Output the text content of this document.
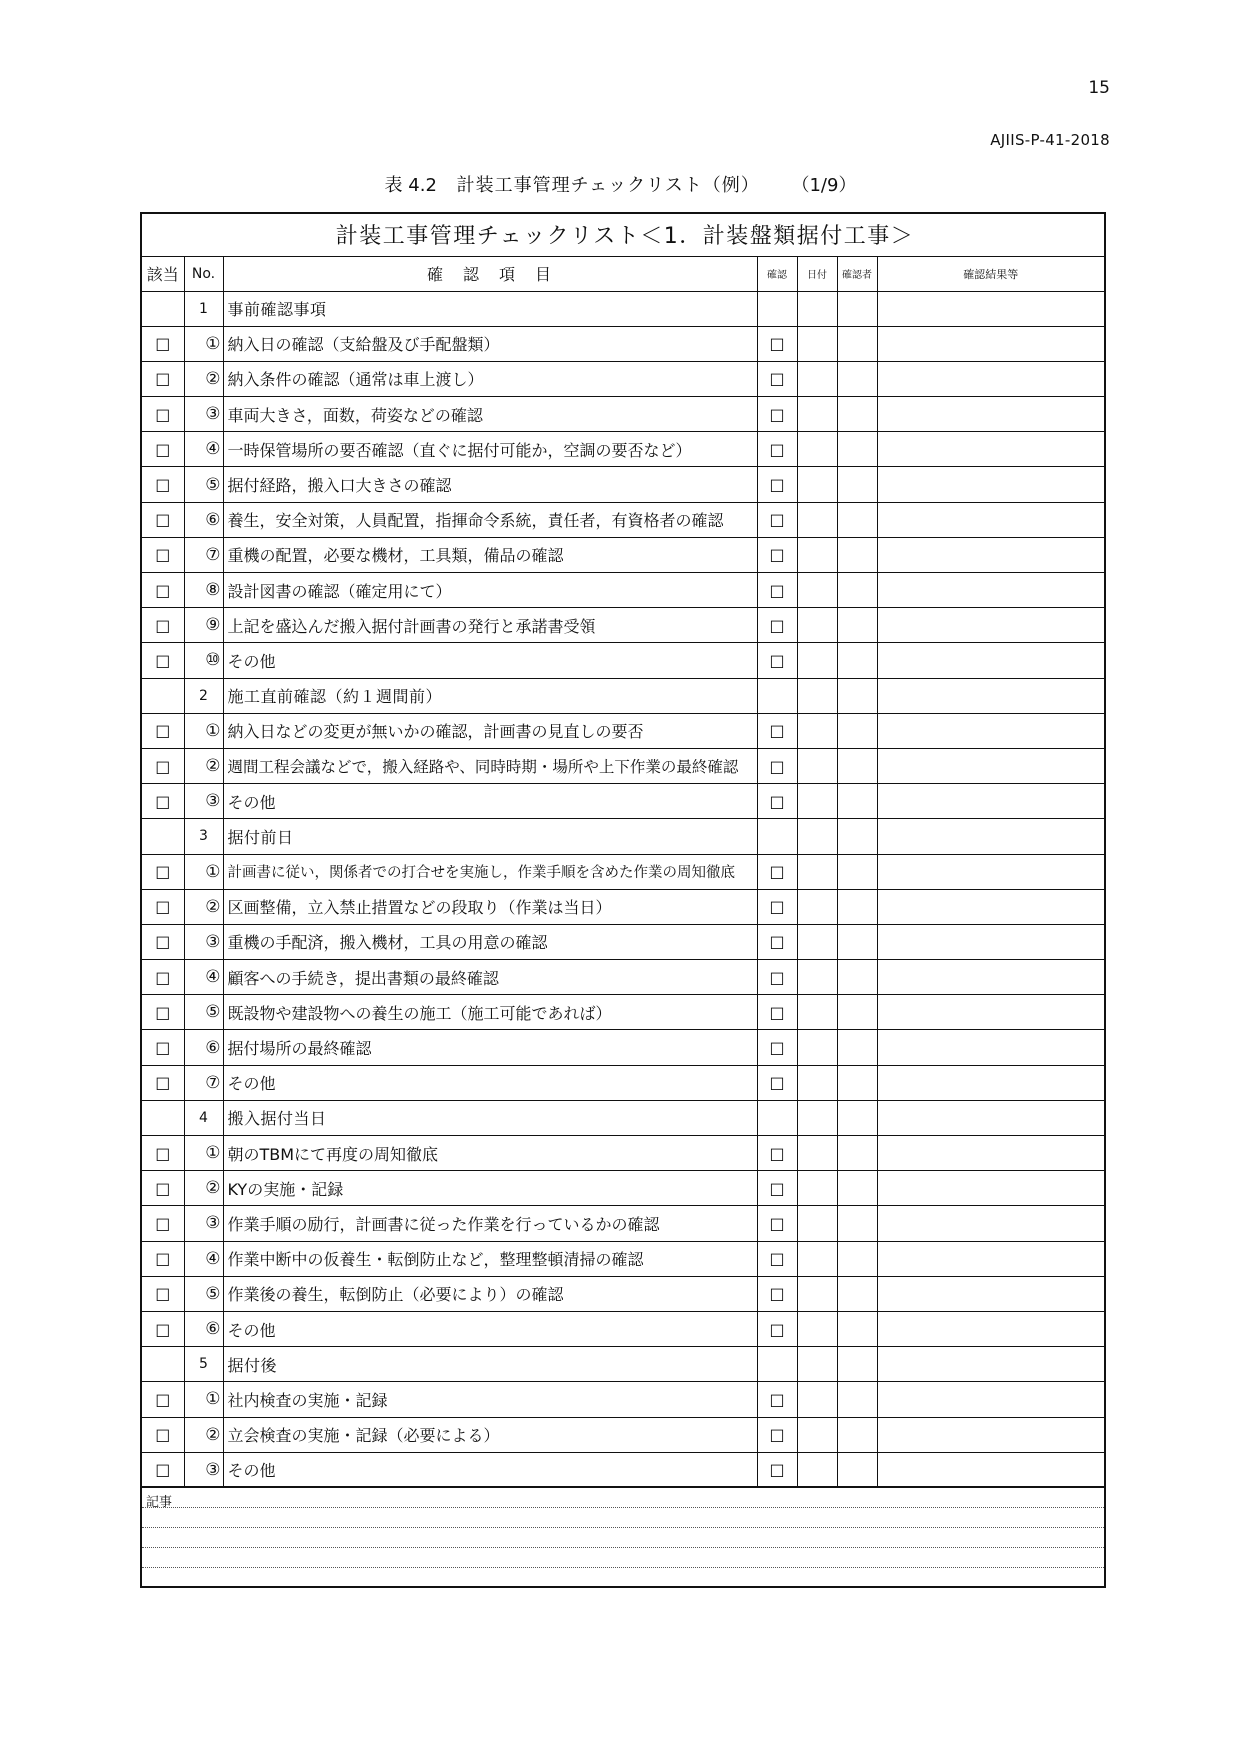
15
AJIIS-P-41-2018
表 4.2 計装工事管理チェックリスト（例） （1/9）
計装工事管理チェックリスト＜1．計装盤類据付工事＞						
該当	No.	確　認　項　目	確認	日付	確認者	確認結果等
	1	事前確認事項				
□	①	納入日の確認（支給盤及び手配盤類）	□			
□	②	納入条件の確認（通常は車上渡し）	□			
□	③	車両大きさ，面数，荷姿などの確認	□			
□	④	一時保管場所の要否確認（直ぐに据付可能か，空調の要否など）	□			
□	⑤	据付経路，搬入口大きさの確認	□			
□	⑥	養生，安全対策，人員配置，指揮命令系統，責任者，有資格者の確認	□			
□	⑦	重機の配置，必要な機材，工具類，備品の確認	□			
□	⑧	設計図書の確認（確定用にて）	□			
□	⑨	上記を盛込んだ搬入据付計画書の発行と承諾書受領	□			
□	⑩	その他	□			
	2	施工直前確認（約１週間前）				
□	①	納入日などの変更が無いかの確認，計画書の見直しの要否	□			
□	②	週間工程会議などで，搬入経路や、同時時期・場所や上下作業の最終確認	□			
□	③	その他	□			
	3	据付前日				
□	①	計画書に従い，関係者での打合せを実施し，作業手順を含めた作業の周知徹底	□			
□	②	区画整備，立入禁止措置などの段取り（作業は当日）	□			
□	③	重機の手配済，搬入機材，工具の用意の確認	□			
□	④	顧客への手続き，提出書類の最終確認	□			
□	⑤	既設物や建設物への養生の施工（施工可能であれば）	□			
□	⑥	据付場所の最終確認	□			
□	⑦	その他	□			
	4	搬入据付当日				
□	①	朝のTBMにて再度の周知徹底	□			
□	②	KYの実施・記録	□			
□	③	作業手順の励行，計画書に従った作業を行っているかの確認	□			
□	④	作業中断中の仮養生・転倒防止など，整理整頓清掃の確認	□			
□	⑤	作業後の養生，転倒防止（必要により）の確認	□			
□	⑥	その他	□			
	5	据付後				
□	①	社内検査の実施・記録	□			
□	②	立会検査の実施・記録（必要による）	□			
□	③	その他	□			

記事						
